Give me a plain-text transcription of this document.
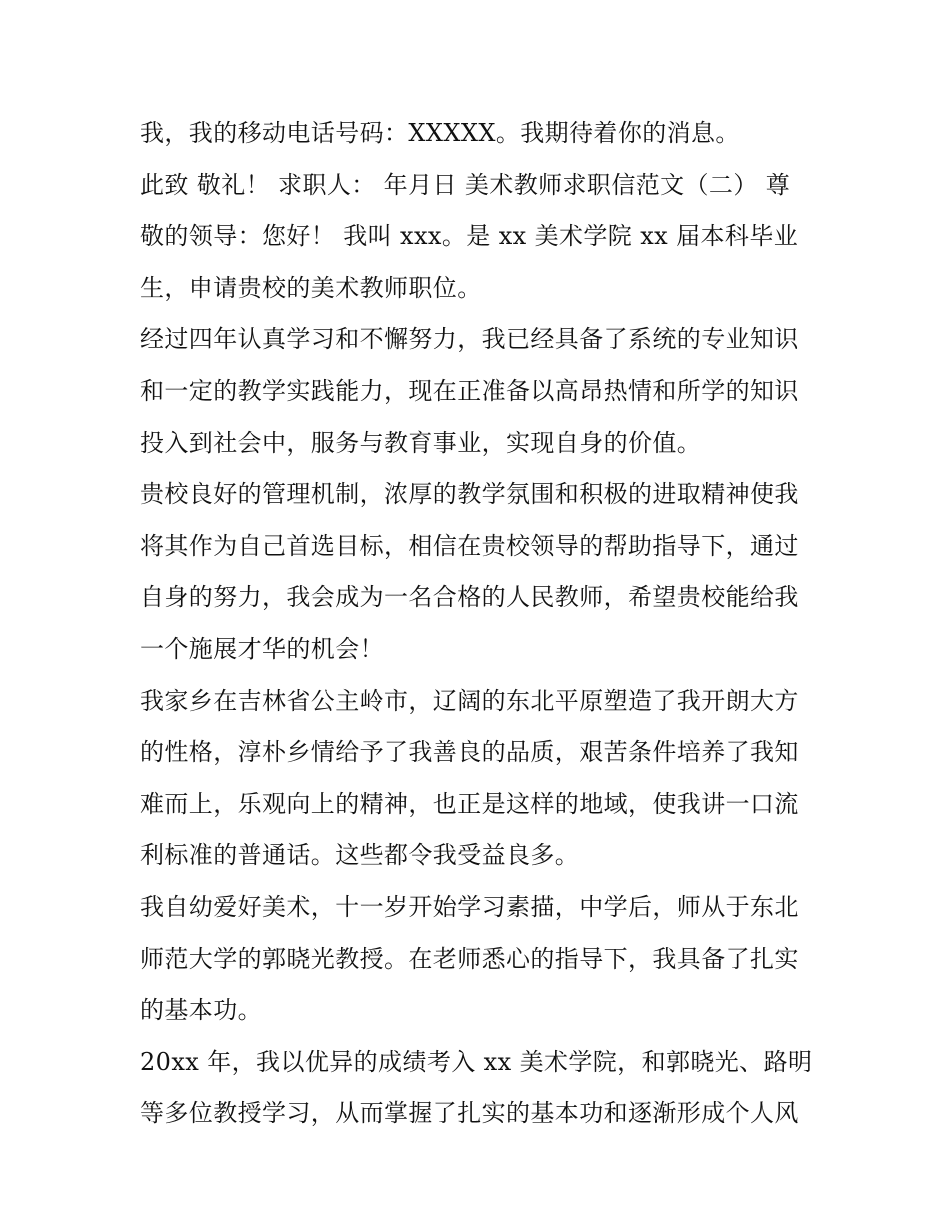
我，我的移动电话号码：XXXXX。我期待着你的消息。
此致 敬礼！ 求职人： 年月日 美术教师求职信范文（二） 尊
敬的领导：您好！ 我叫 xxx。是 xx 美术学院 xx 届本科毕业
生，申请贵校的美术教师职位。
经过四年认真学习和不懈努力，我已经具备了系统的专业知识
和一定的教学实践能力，现在正准备以高昂热情和所学的知识
投入到社会中，服务与教育事业，实现自身的价值。
贵校良好的管理机制，浓厚的教学氛围和积极的进取精神使我
将其作为自己首选目标，相信在贵校领导的帮助指导下，通过
自身的努力，我会成为一名合格的人民教师，希望贵校能给我
一个施展才华的机会！
我家乡在吉林省公主岭市，辽阔的东北平原塑造了我开朗大方
的性格，淳朴乡情给予了我善良的品质，艰苦条件培养了我知
难而上，乐观向上的精神，也正是这样的地域，使我讲一口流
利标准的普通话。这些都令我受益良多。
我自幼爱好美术，十一岁开始学习素描，中学后，师从于东北
师范大学的郭晓光教授。在老师悉心的指导下，我具备了扎实
的基本功。
20xx 年，我以优异的成绩考入 xx 美术学院，和郭晓光、路明
等多位教授学习，从而掌握了扎实的基本功和逐渐形成个人风
